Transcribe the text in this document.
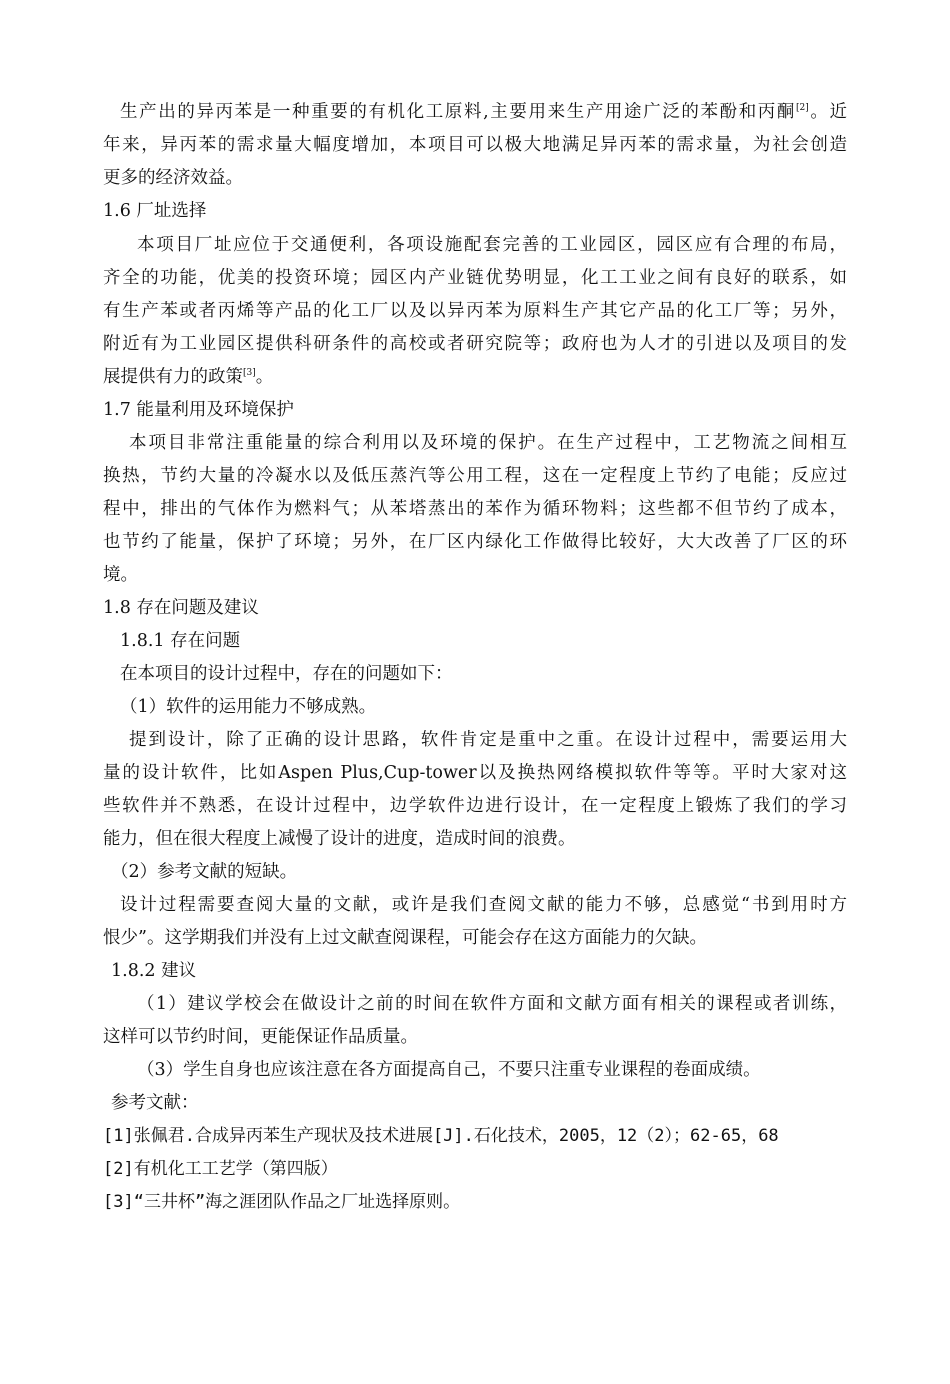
生产出的异丙苯是一种重要的有机化工原料,主要用来生产用途广泛的苯酚和丙酮[2]。近
年来，异丙苯的需求量大幅度增加，本项目可以极大地满足异丙苯的需求量，为社会创造
更多的经济效益。
1.6 厂址选择
本项目厂址应位于交通便利，各项设施配套完善的工业园区，园区应有合理的布局，
齐全的功能，优美的投资环境；园区内产业链优势明显，化工工业之间有良好的联系，如
有生产苯或者丙烯等产品的化工厂以及以异丙苯为原料生产其它产品的化工厂等；另外，
附近有为工业园区提供科研条件的高校或者研究院等；政府也为人才的引进以及项目的发
展提供有力的政策[3]。
1.7 能量利用及环境保护
本项目非常注重能量的综合利用以及环境的保护。在生产过程中，工艺物流之间相互
换热，节约大量的冷凝水以及低压蒸汽等公用工程，这在一定程度上节约了电能；反应过
程中，排出的气体作为燃料气；从苯塔蒸出的苯作为循环物料；这些都不但节约了成本，
也节约了能量，保护了环境；另外，在厂区内绿化工作做得比较好，大大改善了厂区的环
境。
1.8 存在问题及建议
1.8.1 存在问题
在本项目的设计过程中，存在的问题如下：
（1）软件的运用能力不够成熟。
提到设计，除了正确的设计思路，软件肯定是重中之重。在设计过程中，需要运用大
量的设计软件，比如Aspen Plus,Cup-tower以及换热网络模拟软件等等。平时大家对这
些软件并不熟悉，在设计过程中，边学软件边进行设计，在一定程度上锻炼了我们的学习
能力，但在很大程度上减慢了设计的进度，造成时间的浪费。
（2）参考文献的短缺。
设计过程需要查阅大量的文献，或许是我们查阅文献的能力不够，总感觉“书到用时方
恨少”。这学期我们并没有上过文献查阅课程，可能会存在这方面能力的欠缺。
1.8.2 建议
（1）建议学校会在做设计之前的时间在软件方面和文献方面有相关的课程或者训练，
这样可以节约时间，更能保证作品质量。
（3）学生自身也应该注意在各方面提高自己，不要只注重专业课程的卷面成绩。
参考文献：
[1]张佩君.合成异丙苯生产现状及技术进展[J].石化技术，2005，12（2）；62-65，68
[2]有机化工工艺学（第四版）
[3]“三井杯”海之涯团队作品之厂址选择原则。
